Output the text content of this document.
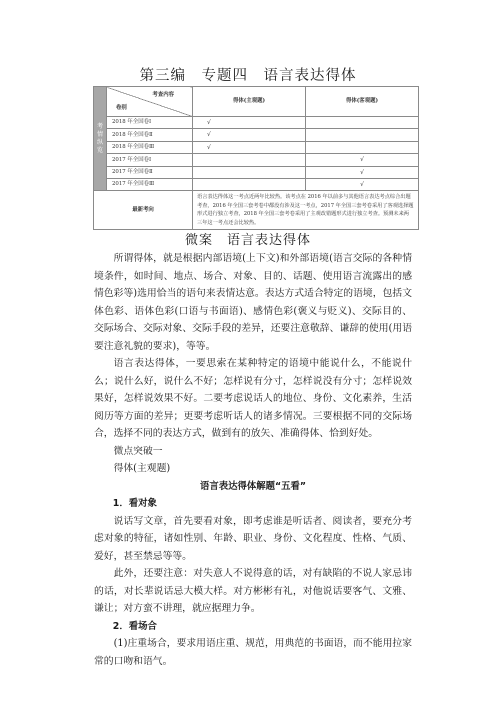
第三编　专题四　语言表达得体
考情纵览	考查内容
卷别	得体(主观题)	得体(客观题)
	2018 年全国卷Ⅰ	√	
	2018 年全国卷Ⅱ	√	
	2018 年全国卷Ⅲ	√	
	2017 年全国卷Ⅰ		√
	2017 年全国卷Ⅱ		√
	2017 年全国卷Ⅲ		√
最新考向		语言表达得体这一考点近两年比较热。该考点在 2016 年以前多与其他语言表达考点综合出题考查，2016 年全国三套考卷中都没有涉及这一考点，2017 年全国三套考卷采用了客观选择题形式进行独立考查，2018 年全国三套考卷采用了主观改错题形式进行独立考查。预测未来两三年这一考点还会比较热。	
微案　语言表达得体

所谓得体，就是根据内部语境(上下文)和外部语境(语言交际的各种情境条件，如时间、地点、场合、对象、目的、话题、使用语言流露出的感情色彩等)选用恰当的语句来表情达意。表达方式适合特定的语境，包括文体色彩、语体色彩(口语与书面语)、感情色彩(褒义与贬义)、交际目的、交际场合、交际对象、交际手段的差异，还要注意敬辞、谦辞的使用(用语要注意礼貌的要求)，等等。

语言表达得体，一要思索在某种特定的语境中能说什么，不能说什么；说什么好，说什么不好；怎样说有分寸，怎样说没有分寸；怎样说效果好，怎样说效果不好。二要考虑说话人的地位、身份、文化素养，生活阅历等方面的差异；更要考虑听话人的诸多情况。三要根据不同的交际场合，选择不同的表达方式，做到有的放矢、准确得体、恰到好处。

微点突破一

得体(主观题)

语言表达得体解题“五看”

1．看对象

说话写文章，首先要看对象，即考虑谁是听话者、阅读者，要充分考虑对象的特征，诸如性别、年龄、职业、身份、文化程度、性格、气质、爱好，甚至禁忌等等。

此外，还要注意：对失意人不说得意的话，对有缺陷的不说人家忌讳的话，对长辈说话忌大模大样。对方彬彬有礼，对他说话要客气、文雅、谦让；对方蛮不讲理，就应据理力争。

2．看场合

(1)庄重场合，要求用语庄重、规范，用典范的书面语，而不能用拉家常的口吻和语气。
